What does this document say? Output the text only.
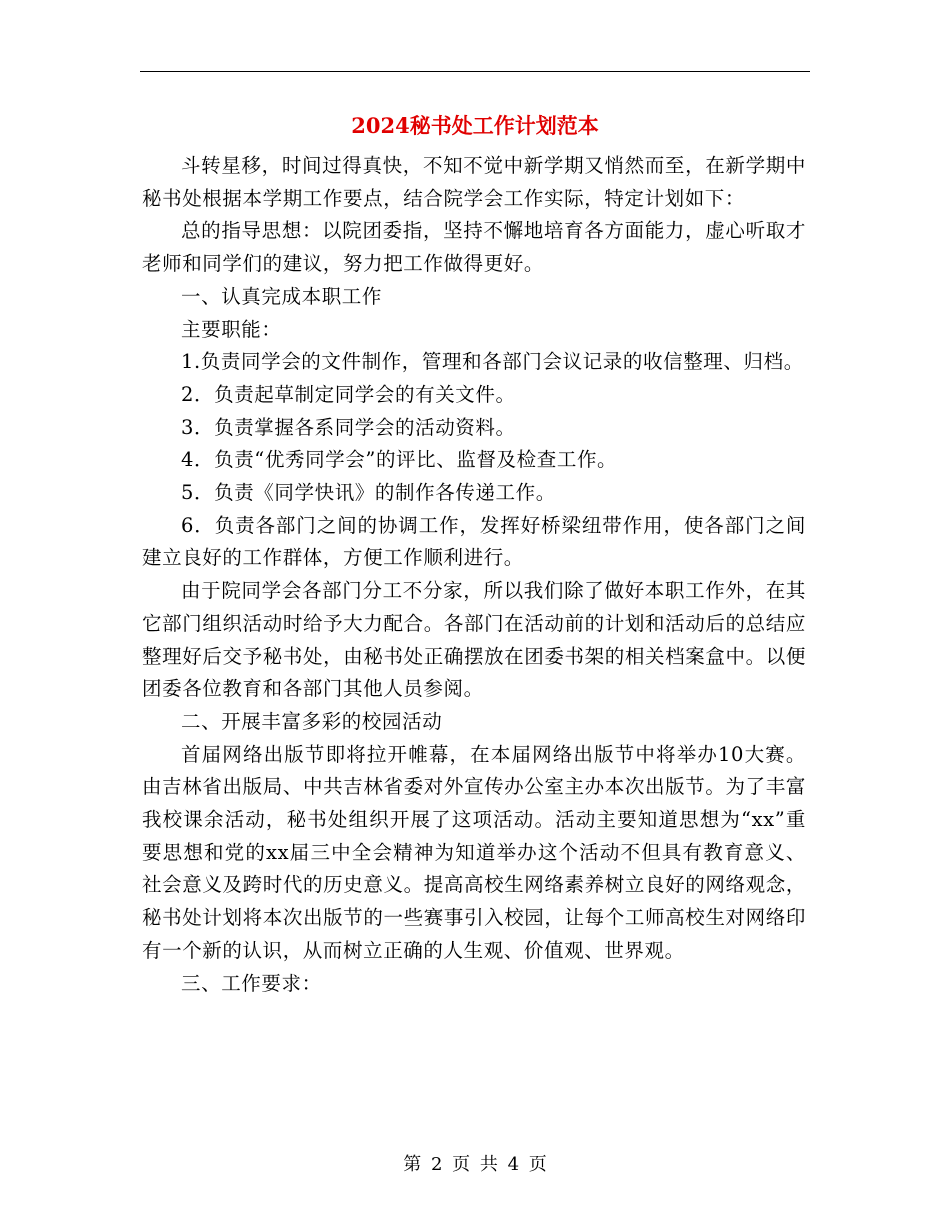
2024秘书处工作计划范本

斗转星移，时间过得真快，不知不觉中新学期又悄然而至，在新学期中秘书处根据本学期工作要点，结合院学会工作实际，特定计划如下：

总的指导思想：以院团委指，坚持不懈地培育各方面能力，虚心听取才老师和同学们的建议，努力把工作做得更好。

一、认真完成本职工作

主要职能：

1.负责同学会的文件制作，管理和各部门会议记录的收信整理、归档。

2．负责起草制定同学会的有关文件。

3．负责掌握各系同学会的活动资料。

4．负责“优秀同学会”的评比、监督及检查工作。

5．负责《同学快讯》的制作各传递工作。

6．负责各部门之间的协调工作，发挥好桥梁纽带作用，使各部门之间建立良好的工作群体，方便工作顺利进行。

由于院同学会各部门分工不分家，所以我们除了做好本职工作外，在其它部门组织活动时给予大力配合。各部门在活动前的计划和活动后的总结应整理好后交予秘书处，由秘书处正确摆放在团委书架的相关档案盒中。以便团委各位教育和各部门其他人员参阅。

二、开展丰富多彩的校园活动

首届网络出版节即将拉开帷幕，在本届网络出版节中将举办10大赛。由吉林省出版局、中共吉林省委对外宣传办公室主办本次出版节。为了丰富我校课余活动，秘书处组织开展了这项活动。活动主要知道思想为“xx”重要思想和党的xx届三中全会精神为知道举办这个活动不但具有教育意义、社会意义及跨时代的历史意义。提高高校生网络素养树立良好的网络观念，秘书处计划将本次出版节的一些赛事引入校园，让每个工师高校生对网络印有一个新的认识，从而树立正确的人生观、价值观、世界观。

三、工作要求：

第 2 页 共 4 页
